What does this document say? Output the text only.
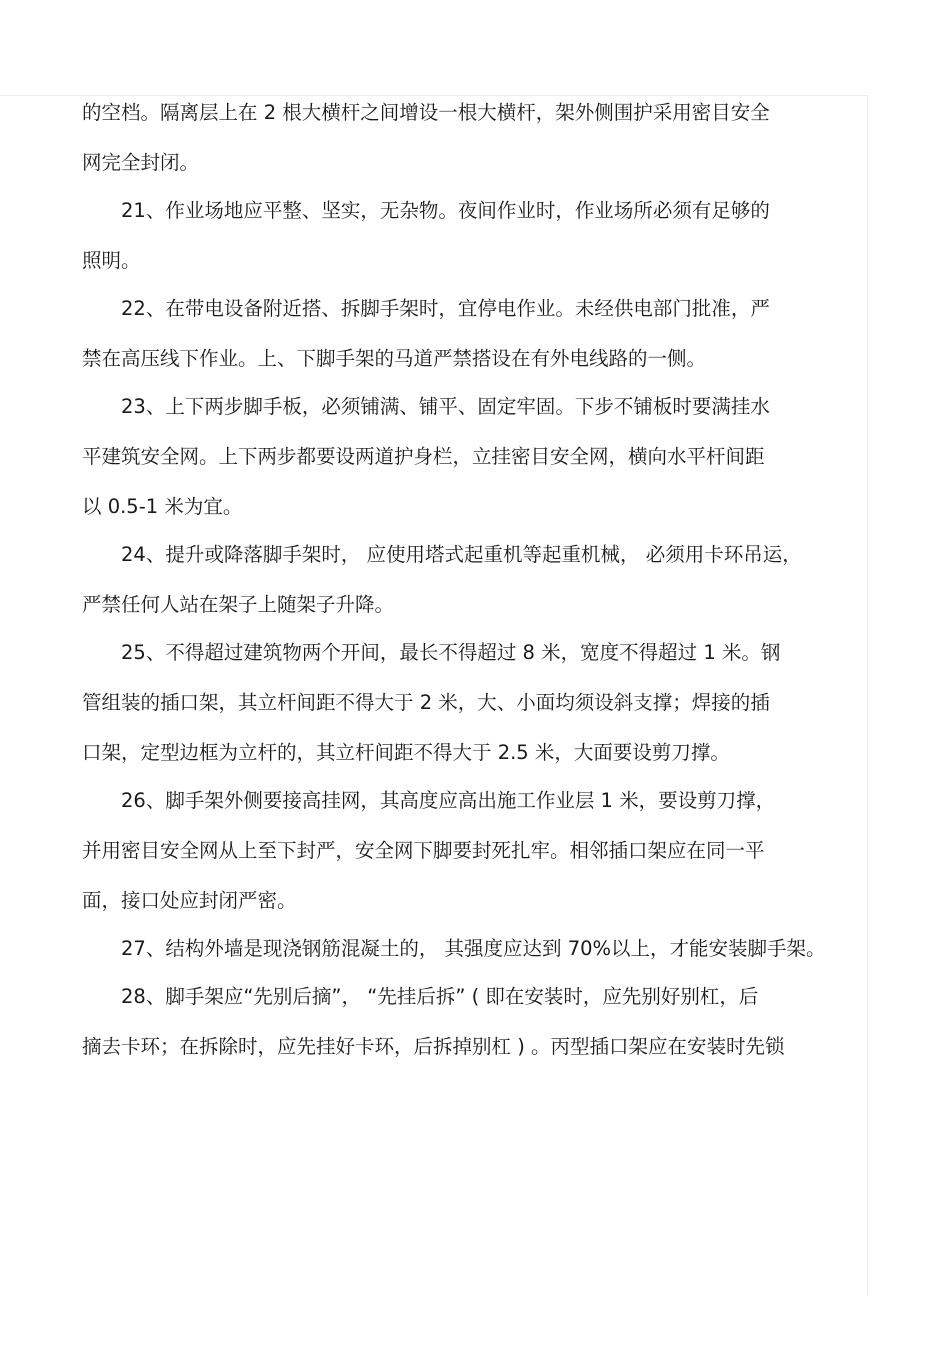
的空档。隔离层上在 2 根大横杆之间增设一根大横杆，架外侧围护采用密目安全
网完全封闭。
21、作业场地应平整、坚实，无杂物。夜间作业时，作业场所必须有足够的
照明。
22、在带电设备附近搭、拆脚手架时，宜停电作业。未经供电部门批准，严
禁在高压线下作业。上、下脚手架的马道严禁搭设在有外电线路的一侧。
23、上下两步脚手板，必须铺满、铺平、固定牢固。下步不铺板时要满挂水
平建筑安全网。上下两步都要设两道护身栏，立挂密目安全网，横向水平杆间距
以 0.5-1 米为宜。
24、提升或降落脚手架时， 应使用塔式起重机等起重机械， 必须用卡环吊运，
严禁任何人站在架子上随架子升降。
25、不得超过建筑物两个开间，最长不得超过 8 米，宽度不得超过 1 米。钢
管组装的插口架，其立杆间距不得大于 2 米，大、小面均须设斜支撑；焊接的插
口架，定型边框为立杆的，其立杆间距不得大于 2.5 米，大面要设剪刀撑。
26、脚手架外侧要接高挂网，其高度应高出施工作业层 1 米，要设剪刀撑，
并用密目安全网从上至下封严，安全网下脚要封死扎牢。相邻插口架应在同一平
面，接口处应封闭严密。
27、结构外墙是现浇钢筋混凝土的， 其强度应达到 70%以上，才能安装脚手架。
28、脚手架应“先别后摘”， “先挂后拆” ( 即在安装时，应先别好别杠，后
摘去卡环；在拆除时，应先挂好卡环，后拆掉别杠 ) 。丙型插口架应在安装时先锁
